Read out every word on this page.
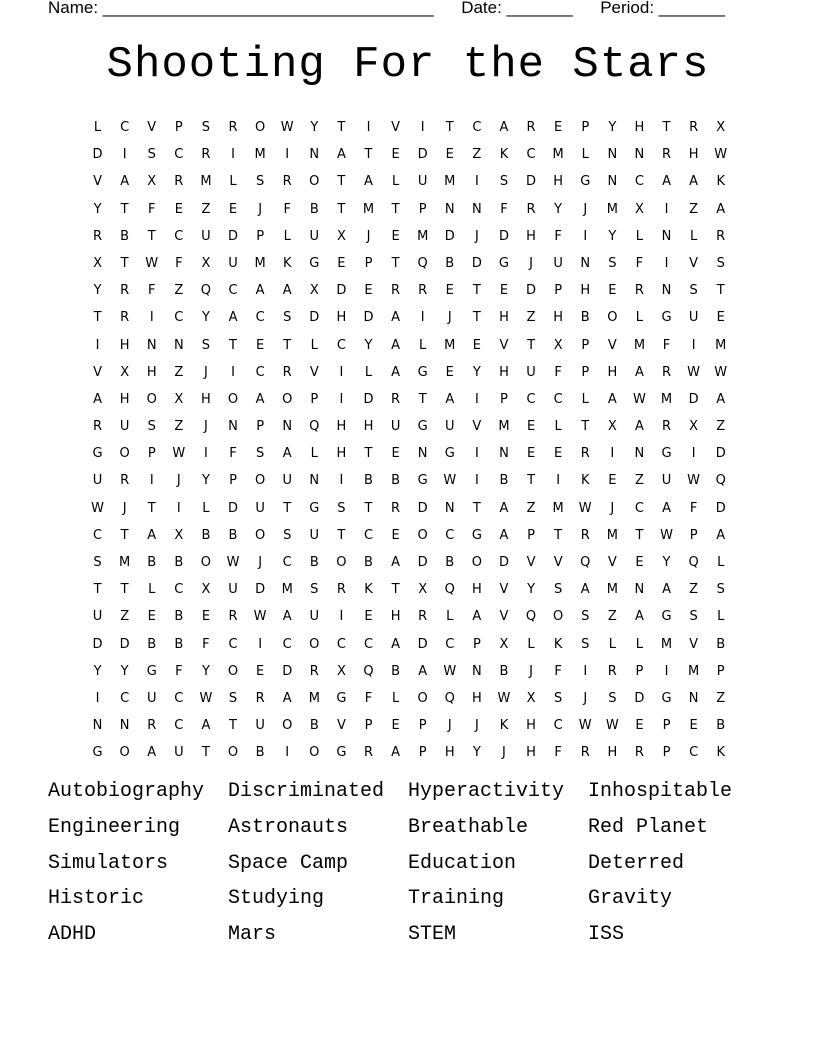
Name: ___________________________________ Date: _______ Period: _______
Shooting For the Stars
L C V P S R O W Y T I V I T C A R E P Y H T R X
D I S C R I M I N A T E D E Z K C M L N N R H W
V A X R M L S R O T A L U M I S D H G N C A A K
Y T F E Z E J F B T M T P N N F R Y J M X I Z A
R B T C U D P L U X J E M D J D H F I Y L N L R
X T W F X U M K G E P T Q B D G J U N S F I V S
Y R F Z Q C A A X D E R R E T E D P H E R N S T
T R I C Y A C S D H D A I J T H Z H B O L G U E
I H N N S T E T L C Y A L M E V T X P V M F I M
V X H Z J I C R V I L A G E Y H U F P H A R W W
A H O X H O A O P I D R T A I P C C L A W M D A
R U S Z J N P N Q H H U G U V M E L T X A R X Z
G O P W I F S A L H T E N G I N E E R I N G I D
U R I J Y P O U N I B B G W I B T I K E Z U W Q
W J T I L D U T G S T R D N T A Z M W J C A F D
C T A X B B O S U T C E O C G A P T R M T W P A
S M B B O W J C B O B A D B O D V V Q V E Y Q L
T T L C X U D M S R K T X Q H V Y S A M N A Z S
U Z E B E R W A U I E H R L A V Q O S Z A G S L
D D B B F C I C O C C A D C P X L K S L L M V B
Y Y G F Y O E D R X Q B A W N B J F I R P I M P
I C U C W S R A M G F L O Q H W X S J S D G N Z
N N R C A T U O B V P E P J J K H C W W E P E B
G O A U T O B I O G R A P H Y J H F R H R P C K
Autobiography	Discriminated	Hyperactivity	Inhospitable
Engineering	Astronauts	Breathable	Red Planet
Simulators	Space Camp	Education	Deterred
Historic	Studying	Training	Gravity
ADHD	Mars	STEM	ISS
